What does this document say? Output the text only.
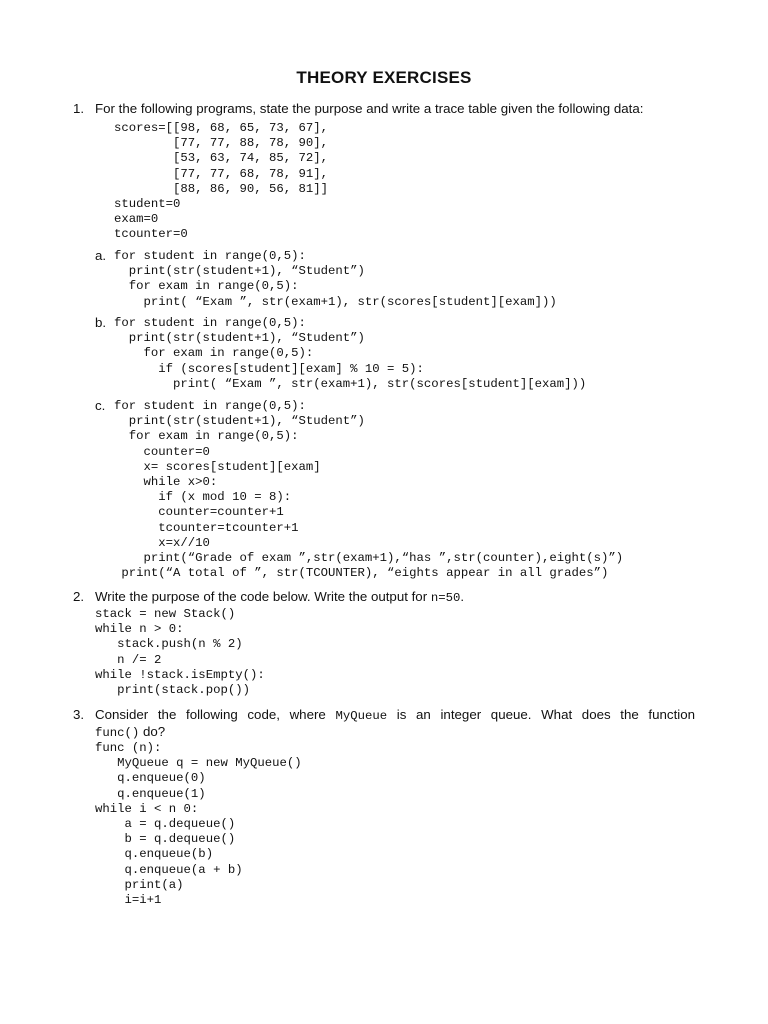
THEORY EXERCISES
1. For the following programs, state the purpose and write a trace table given the following data:
scores=[[98, 68, 65, 73, 67],
[77, 77, 88, 78, 90],
[53, 63, 74, 85, 72],
[77, 77, 68, 78, 91],
[88, 86, 90, 56, 81]]
student=0
exam=0
tcounter=0
a. for student in range(0,5):
print(str(student+1), “Student”)
for exam in range(0,5):
print( “Exam ”, str(exam+1), str(scores[student][exam]))
b. for student in range(0,5):
print(str(student+1), “Student”)
for exam in range(0,5):
if (scores[student][exam] % 10 = 5):
print( “Exam ”, str(exam+1), str(scores[student][exam]))
c. for student in range(0,5):
print(str(student+1), “Student”)
for exam in range(0,5):
counter=0
x= scores[student][exam]
while x>0:
if (x mod 10 = 8):
counter=counter+1
tcounter=tcounter+1
x=x//10
print(“Grade of exam ”,str(exam+1),“has ”,str(counter),eight(s)”)
print(“A total of ”, str(TCOUNTER), “eights appear in all grades”)
2. Write the purpose of the code below. Write the output for n=50.
stack = new Stack()
while n > 0:
stack.push(n % 2)
n /= 2
while !stack.isEmpty():
print(stack.pop())
3. Consider the following code, where MyQueue is an integer queue. What does the function
func() do?
func (n):
MyQueue q = new MyQueue()
q.enqueue(0)
q.enqueue(1)
while i < n 0:
a = q.dequeue()
b = q.dequeue()
q.enqueue(b)
q.enqueue(a + b)
print(a)
i=i+1
